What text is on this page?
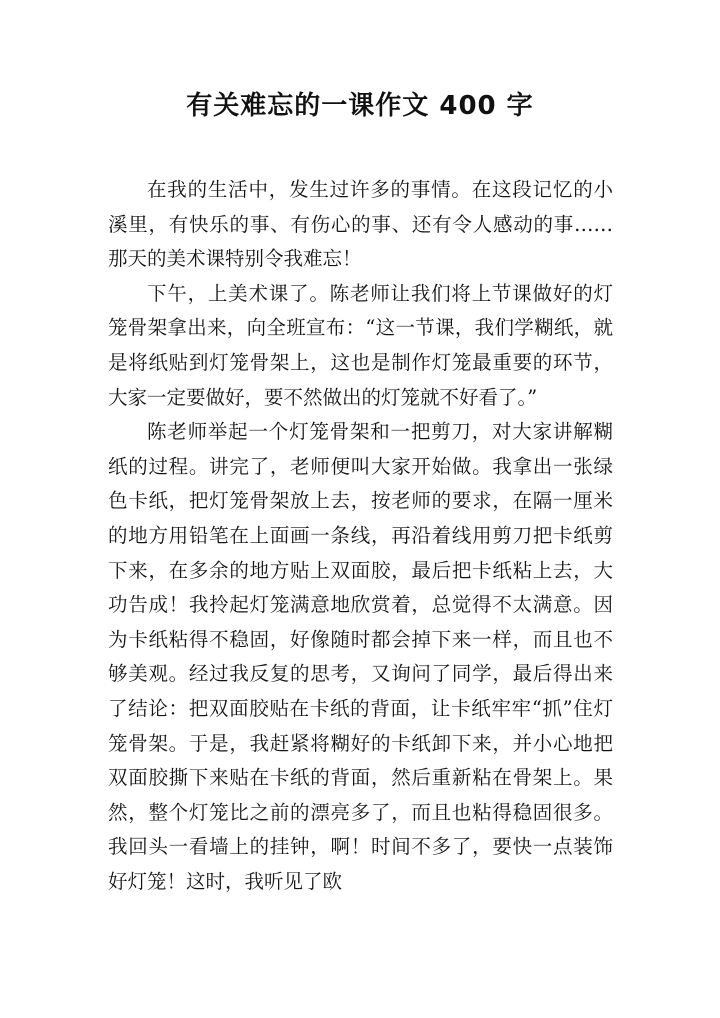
有关难忘的一课作文 400 字

在我的生活中，发生过许多的事情。在这段记忆的小溪里，有快乐的事、有伤心的事、还有令人感动的事……那天的美术课特别令我难忘！

下午，上美术课了。陈老师让我们将上节课做好的灯笼骨架拿出来，向全班宣布：“这一节课，我们学糊纸，就是将纸贴到灯笼骨架上，这也是制作灯笼最重要的环节，大家一定要做好，要不然做出的灯笼就不好看了。”

陈老师举起一个灯笼骨架和一把剪刀，对大家讲解糊纸的过程。讲完了，老师便叫大家开始做。我拿出一张绿色卡纸，把灯笼骨架放上去，按老师的要求，在隔一厘米的地方用铅笔在上面画一条线，再沿着线用剪刀把卡纸剪下来，在多余的地方贴上双面胶，最后把卡纸粘上去，大功告成！我拎起灯笼满意地欣赏着，总觉得不太满意。因为卡纸粘得不稳固，好像随时都会掉下来一样，而且也不够美观。经过我反复的思考，又询问了同学，最后得出来了结论：把双面胶贴在卡纸的背面，让卡纸牢牢“抓”住灯笼骨架。于是，我赶紧将糊好的卡纸卸下来，并小心地把双面胶撕下来贴在卡纸的背面，然后重新粘在骨架上。果然，整个灯笼比之前的漂亮多了，而且也粘得稳固很多。我回头一看墙上的挂钟，啊！时间不多了，要快一点装饰好灯笼！这时，我听见了欧
